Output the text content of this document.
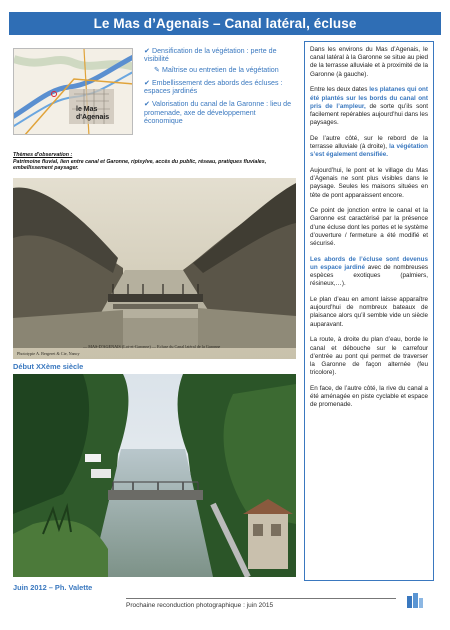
Le Mas d’Agenais – Canal latéral, écluse
le Mas
d'Agenais
✔ Densification de la végétation : perte de visibilité
✎ Maîtrise ou entretien de la végétation
✔ Embellissement des abords des écluses : espaces jardinés
✔ Valorisation du canal de la Garonne : lieu de promenade, axe de développement économique
Thèmes d'observation :
Patrimoine fluvial, lien entre canal et Garonne, ripisylve, accès du public, réseau, pratiques fluviales, embellissement paysager.
Phototypie A. Bergeret & Cie, Nancy
— MAS-D'AGENAIS (Lot-et-Garonne) — Ecluse du Canal latéral de la Garonne
Début XXème siècle
Juin 2012 – Ph. Valette

Dans les environs du Mas d’Agenais, le canal latéral à la Garonne se situe au pied de la terrasse alluviale et à proximité de la Garonne (à gauche).

Entre les deux dates les platanes qui ont été plantés sur les bords du canal ont pris de l’ampleur, de sorte qu’ils sont facilement repérables aujourd’hui dans les paysages.

De l’autre côté, sur le rebord de la terrasse alluviale (à droite), la végétation s’est également densifiée.

Aujourd’hui, le pont et le village du Mas d’Agenais ne sont plus visibles dans le paysage. Seules les maisons situées en tête de pont apparaissent encore.

Ce point de jonction entre le canal et la Garonne est caractérisé par la présence d’une écluse dont les portes et le système d’ouverture / fermeture a été modifié et sécurisé.

Les abords de l’écluse sont devenus un espace jardiné avec de nombreuses espèces exotiques (palmiers, résineux,…).

Le plan d’eau en amont laisse apparaître aujourd’hui de nombreux bateaux de plaisance alors qu’il semble vide un siècle auparavant.

La route, à droite du plan d’eau, borde le canal et débouche sur le carrefour d’entrée au pont qui permet de traverser la Garonne de façon alternée (feu tricolore).

En face, de l’autre côté, la rive du canal a été aménagée en piste cyclable et espace de promenade.

Prochaine reconduction photographique : juin 2015
